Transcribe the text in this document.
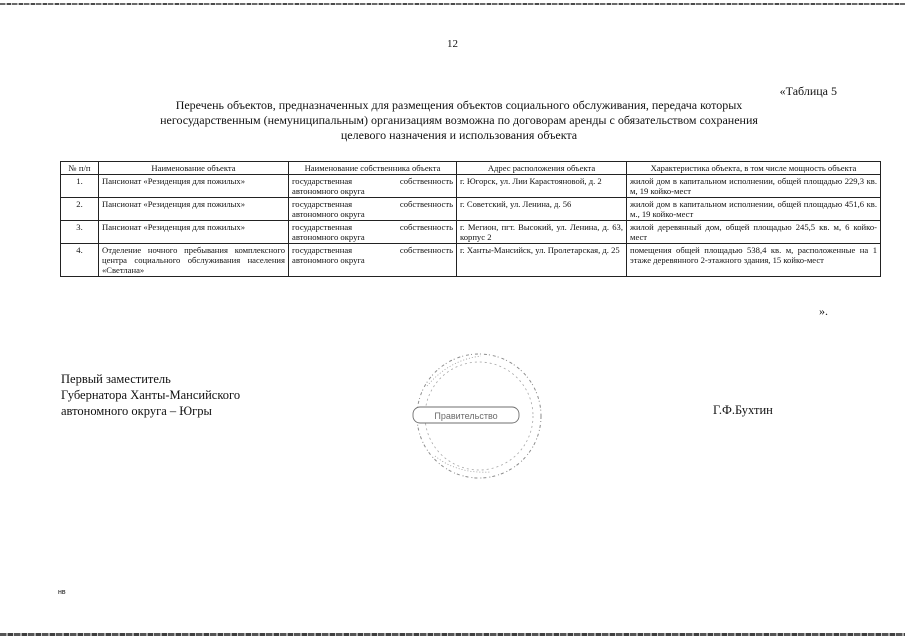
12
«Таблица 5
Перечень объектов, предназначенных для размещения объектов социального обслуживания, передача которых
негосударственным (немуниципальным) организациям возможна по договорам аренды с обязательством сохранения
целевого назначения и использования объекта
№ п/п	Наименование объекта	Наименование собственника объекта	Адрес расположения объекта	Характеристика объекта, в том числе мощность объекта
1.	Пансионат «Резиденция для пожилых»	государственная собственность автономного округа	г. Югорск, ул. Лии Карастояновой, д. 2	жилой дом в капитальном исполнении, общей площадью 229,3 кв. м, 19 койко-мест
2.	Пансионат «Резиденция для пожилых»	государственная собственность автономного округа	г. Советский, ул. Ленина, д. 56	жилой дом в капитальном исполнении, общей площадью 451,6 кв. м., 19 койко-мест
3.	Пансионат «Резиденция для пожилых»	государственная собственность автономного округа	г. Мегион, пгт. Высокий, ул. Ленина, д. 63, корпус 2	жилой деревянный дом, общей площадью 245,5 кв. м, 6 койко-мест
4.	Отделение ночного пребывания комплексного центра социального обслуживания населения «Светлана»	государственная собственность автономного округа	г. Ханты-Мансийск, ул. Пролетарская, д. 25	помещения общей площадью 538,4 кв. м, расположенные на 1 этаже деревянного 2-этажного здания, 15 койко-мест
».
Первый заместитель
Губернатора Ханты-Мансийского
автономного округа – Югры	Правительство	Г.Ф.Бухтин
нв
